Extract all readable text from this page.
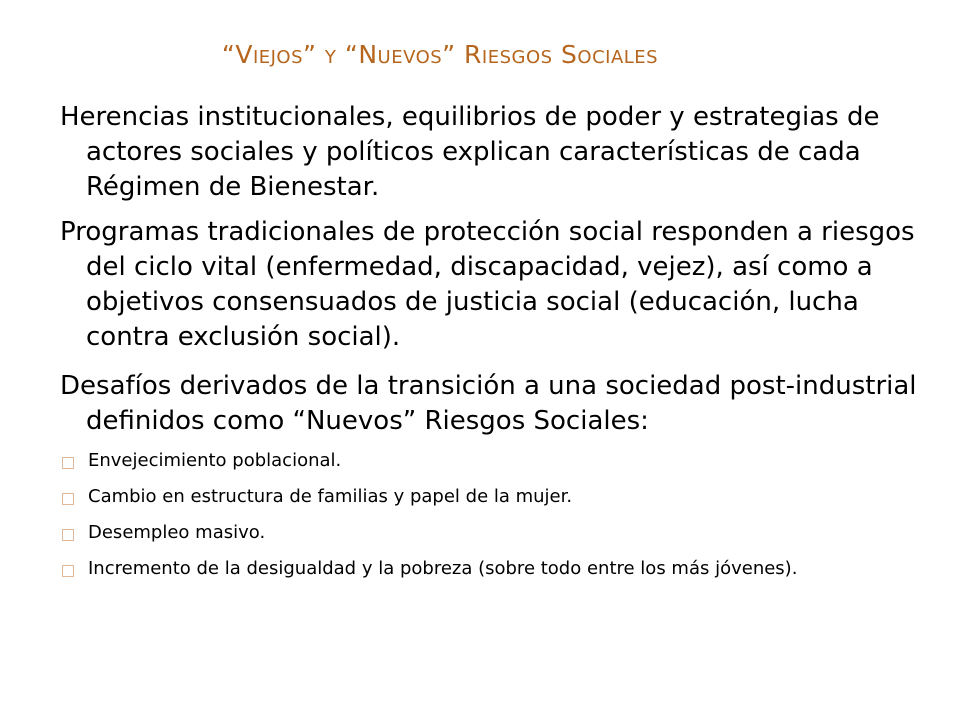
“Viejos” y “Nuevos” Riesgos Sociales

Herencias institucionales, equilibrios de poder y estrategias de actores sociales y políticos explican características de cada Régimen de Bienestar.

Programas tradicionales de protección social responden a riesgos del ciclo vital (enfermedad, discapacidad, vejez), así como a objetivos consensuados de justicia social (educación, lucha contra exclusión social).

Desafíos derivados de la transición a una sociedad post-industrial definidos como “Nuevos” Riesgos Sociales:

Envejecimiento poblacional.
Cambio en estructura de familias y papel de la mujer.
Desempleo masivo.
Incremento de la desigualdad y la pobreza (sobre todo entre los más jóvenes).
